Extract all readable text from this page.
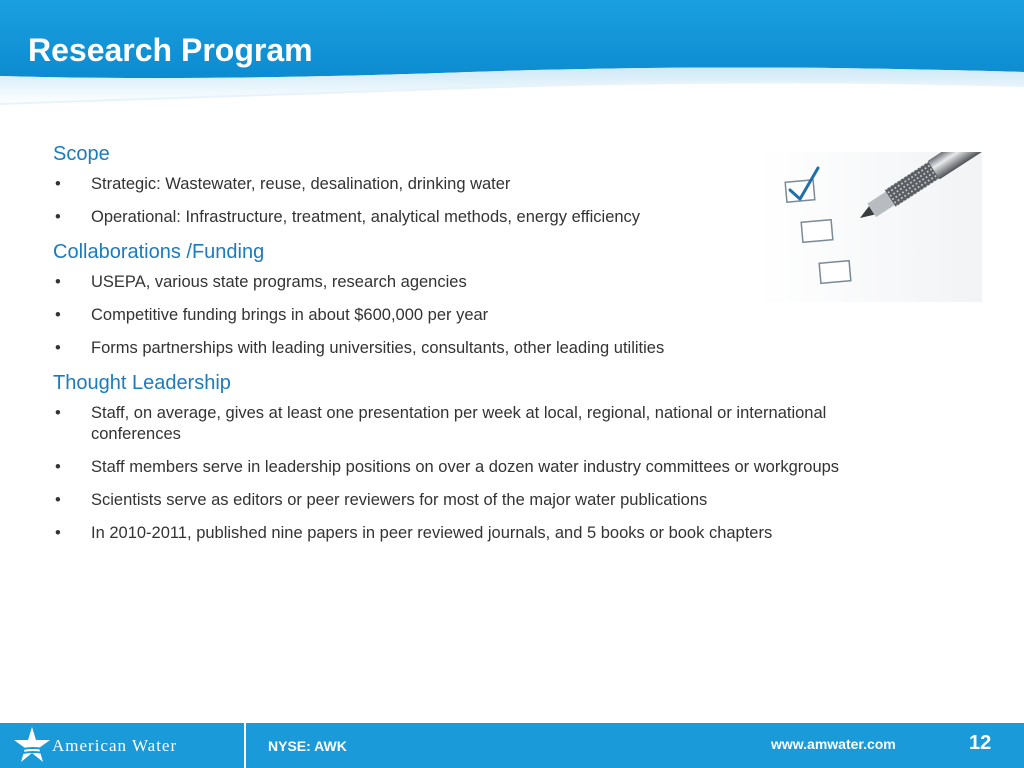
Research Program
Scope
• Strategic: Wastewater, reuse, desalination, drinking water
• Operational: Infrastructure, treatment, analytical methods, energy efficiency
Collaborations /Funding
• USEPA, various state programs, research agencies
• Competitive funding brings in about $600,000 per year
• Forms partnerships with leading universities, consultants, other leading utilities
Thought Leadership
• Staff, on average, gives at least one presentation per week at local, regional, national or international conferences
• Staff members serve in leadership positions on over a dozen water industry committees or workgroups
• Scientists serve as editors or peer reviewers for most of the major water publications
• In 2010-2011, published nine papers in peer reviewed journals, and 5 books or book chapters
American Water	NYSE: AWK	www.amwater.com	12
